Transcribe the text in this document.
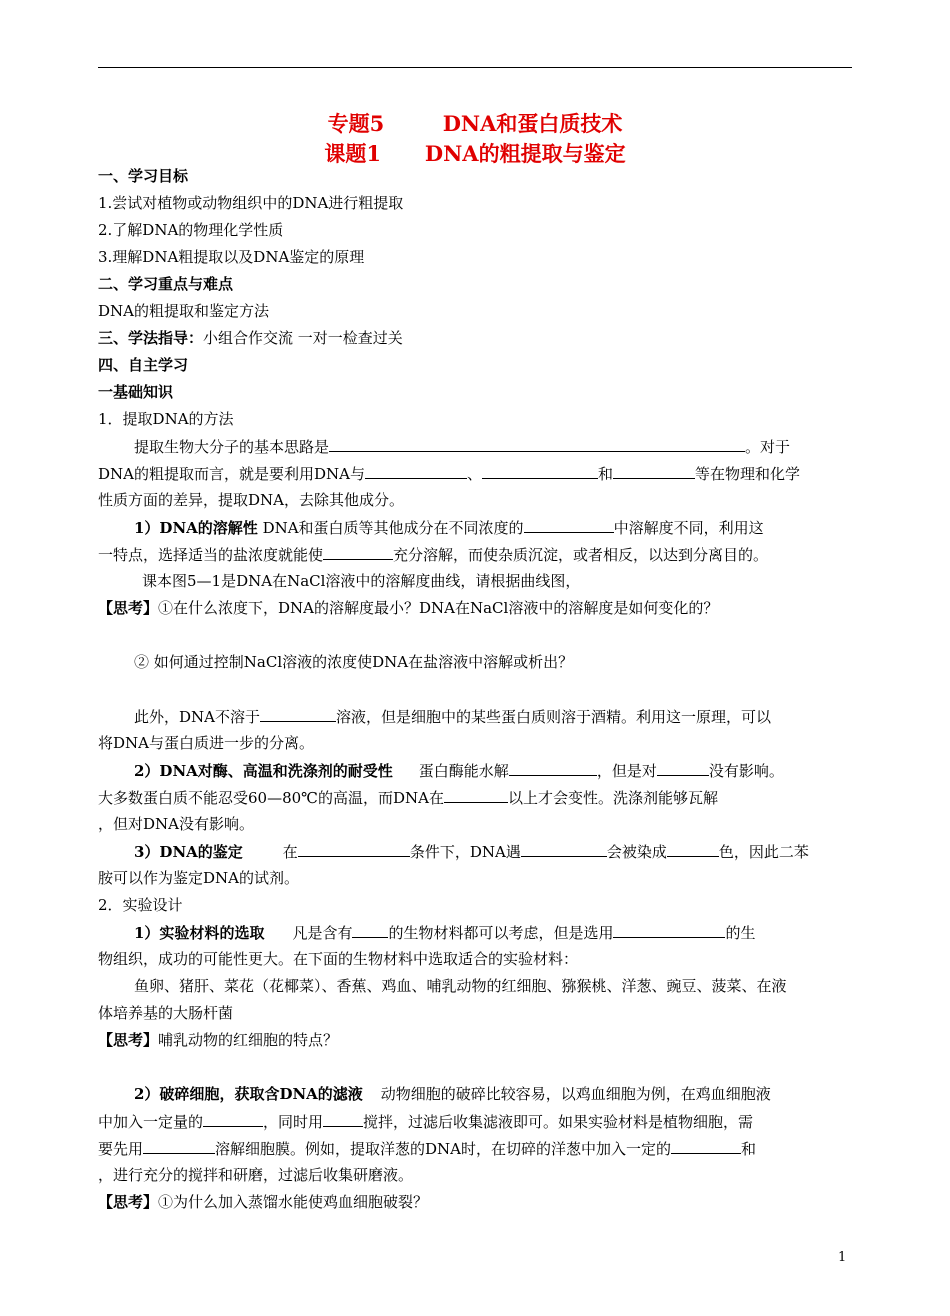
专题5        DNA和蛋白质技术
课题1      DNA的粗提取与鉴定
一、学习目标
1.尝试对植物或动物组织中的DNA进行粗提取
2.了解DNA的物理化学性质
3.理解DNA粗提取以及DNA鉴定的原理
二、学习重点与难点
DNA的粗提取和鉴定方法
三、学法指导：小组合作交流 一对一检查过关
四、自主学习
一基础知识
1．提取DNA的方法
提取生物大分子的基本思路是	。对于
DNA的粗提取而言，就是要利用DNA与	、	和	等在物理和化学
性质方面的差异，提取DNA，去除其他成分。
1）DNA的溶解性 DNA和蛋白质等其他成分在不同浓度的	中溶解度不同，利用这
一特点，选择适当的盐浓度就能使	充分溶解，而使杂质沉淀，或者相反，以达到分离目的。
课本图5—1是DNA在NaCl溶液中的溶解度曲线，请根据曲线图，
【思考】①在什么浓度下，DNA的溶解度最小？DNA在NaCl溶液中的溶解度是如何变化的？
② 如何通过控制NaCl溶液的浓度使DNA在盐溶液中溶解或析出？
此外，DNA不溶于	溶液，但是细胞中的某些蛋白质则溶于酒精。利用这一原理，可以
将DNA与蛋白质进一步的分离。
2）DNA对酶、高温和洗涤剂的耐受性 蛋白酶能水解	，但是对	没有影响。
大多数蛋白质不能忍受60—80℃的高温，而DNA在	以上才会变性。洗涤剂能够瓦解
，但对DNA没有影响。
3）DNA的鉴定	在	条件下，DNA遇	会被染成	色，因此二苯
胺可以作为鉴定DNA的试剂。
2．实验设计
1）实验材料的选取 凡是含有 的生物材料都可以考虑，但是选用	的生
物组织，成功的可能性更大。在下面的生物材料中选取适合的实验材料：
鱼卵、猪肝、菜花（花椰菜）、香蕉、鸡血、哺乳动物的红细胞、猕猴桃、洋葱、豌豆、菠菜、在液
体培养基的大肠杆菌
【思考】哺乳动物的红细胞的特点？
2）破碎细胞，获取含DNA的滤液 动物细胞的破碎比较容易，以鸡血细胞为例，在鸡血细胞液
中加入一定量的	，同时用	搅拌，过滤后收集滤液即可。如果实验材料是植物细胞，需
要先用	溶解细胞膜。例如，提取洋葱的DNA时，在切碎的洋葱中加入一定的	和
，进行充分的搅拌和研磨，过滤后收集研磨液。
【思考】①为什么加入蒸馏水能使鸡血细胞破裂？
1
